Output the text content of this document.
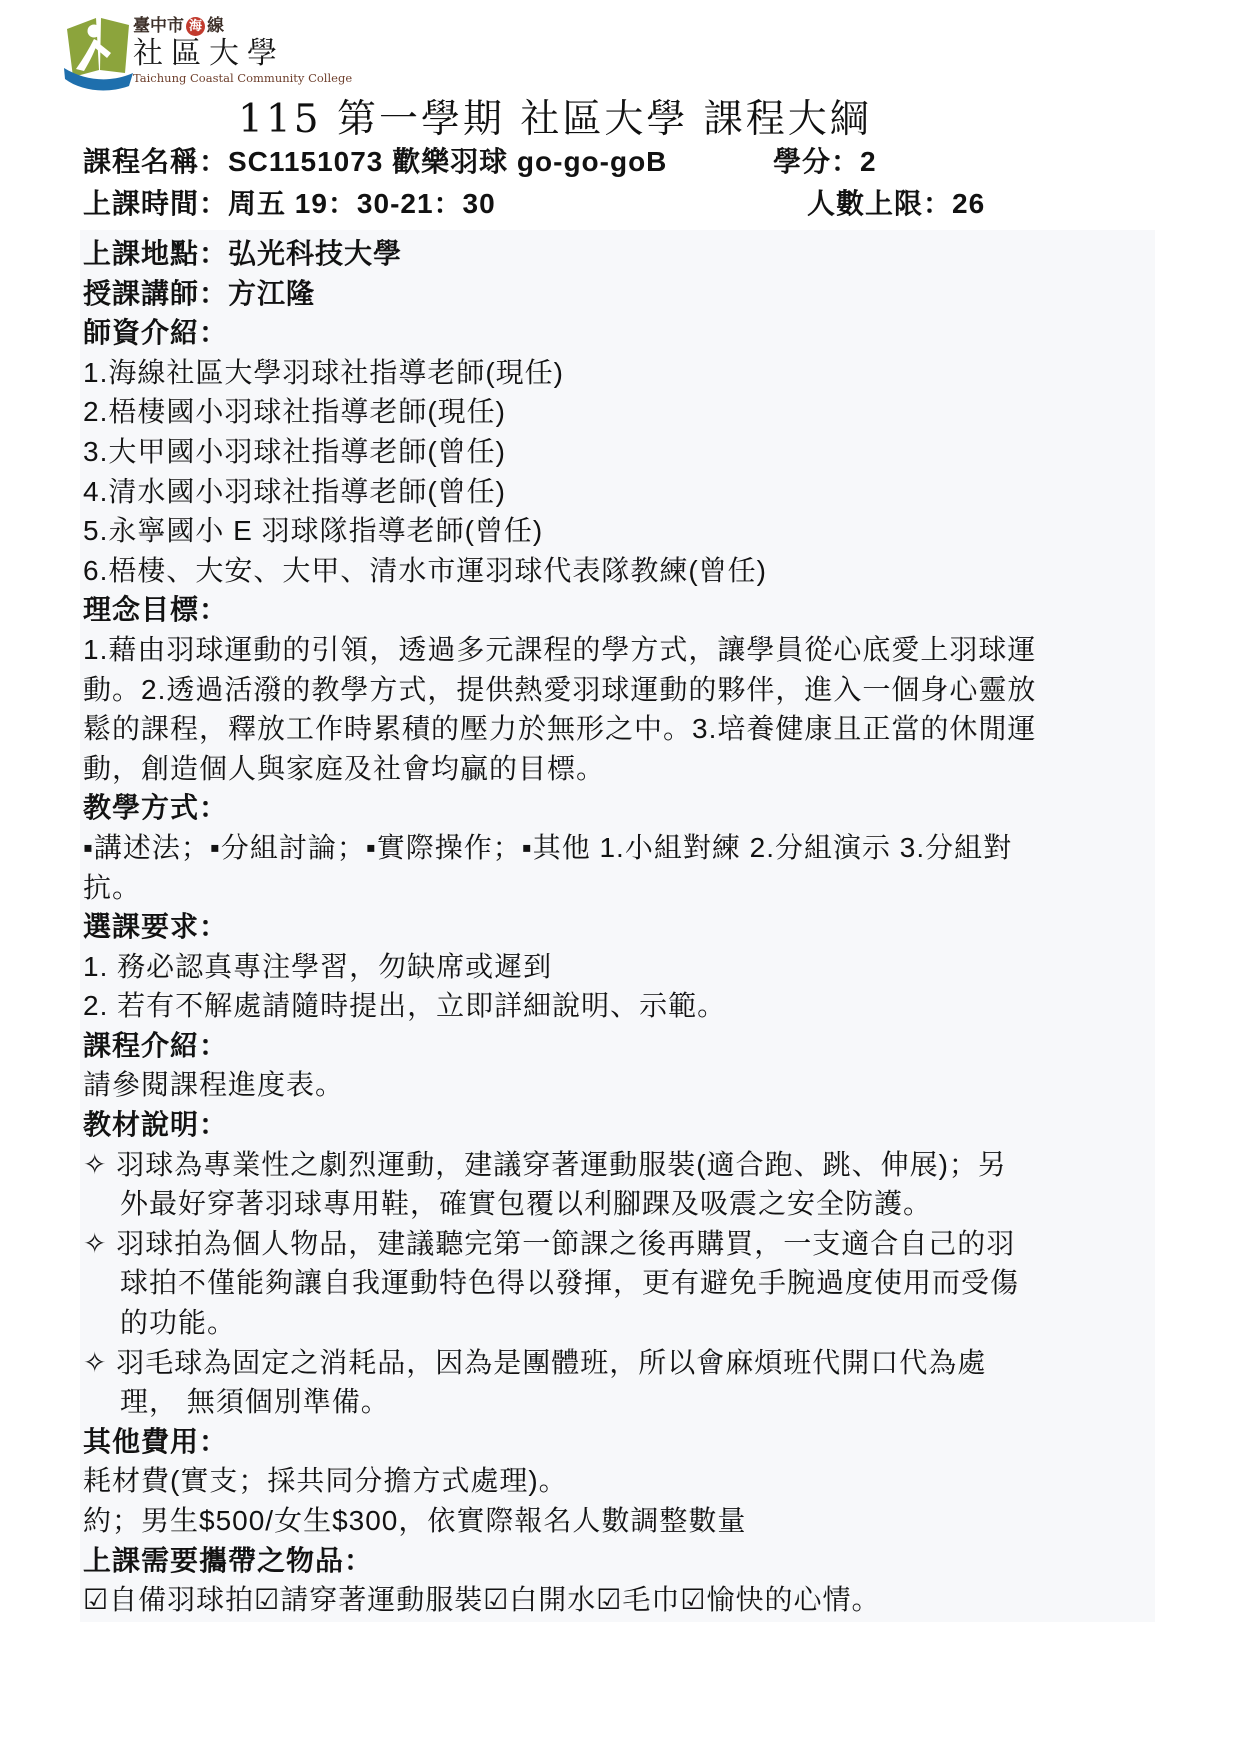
臺中市 海 線
社區大學
Taichung Coastal Community College
115 第一學期 社區大學 課程大綱
課程名稱：SC1151073 歡樂羽球 go-go-goB	學分：2
上課時間：周五 19：30-21：30	人數上限：26
上課地點：弘光科技大學
授課講師：方江隆
師資介紹：
1.海線社區大學羽球社指導老師(現任)
2.梧棲國小羽球社指導老師(現任)
3.大甲國小羽球社指導老師(曾任)
4.清水國小羽球社指導老師(曾任)
5.永寧國小 E 羽球隊指導老師(曾任)
6.梧棲、大安、大甲、清水市運羽球代表隊教練(曾任)
理念目標：
1.藉由羽球運動的引領，透過多元課程的學方式，讓學員從心底愛上羽球運
動。2.透過活潑的教學方式，提供熱愛羽球運動的夥伴，進入一個身心靈放
鬆的課程，釋放工作時累積的壓力於無形之中。3.培養健康且正當的休閒運
動，創造個人與家庭及社會均贏的目標。
教學方式：
▪講述法；▪分組討論；▪實際操作；▪其他 1.小組對練 2.分組演示 3.分組對
抗。
選課要求：
1. 務必認真專注學習，勿缺席或遲到
2. 若有不解處請隨時提出，立即詳細說明、示範。
課程介紹：
請參閱課程進度表。
教材說明：
✧ 羽球為專業性之劇烈運動，建議穿著運動服裝(適合跑、跳、伸展)；另
外最好穿著羽球專用鞋，確實包覆以利腳踝及吸震之安全防護。
✧ 羽球拍為個人物品，建議聽完第一節課之後再購買，一支適合自己的羽
球拍不僅能夠讓自我運動特色得以發揮，更有避免手腕過度使用而受傷
的功能。
✧ 羽毛球為固定之消耗品，因為是團體班，所以會麻煩班代開口代為處
理， 無須個別準備。
其他費用：
耗材費(實支；採共同分擔方式處理)。
約；男生$500/女生$300，依實際報名人數調整數量
上課需要攜帶之物品：
☑自備羽球拍☑請穿著運動服裝☑白開水☑毛巾☑愉快的心情。
